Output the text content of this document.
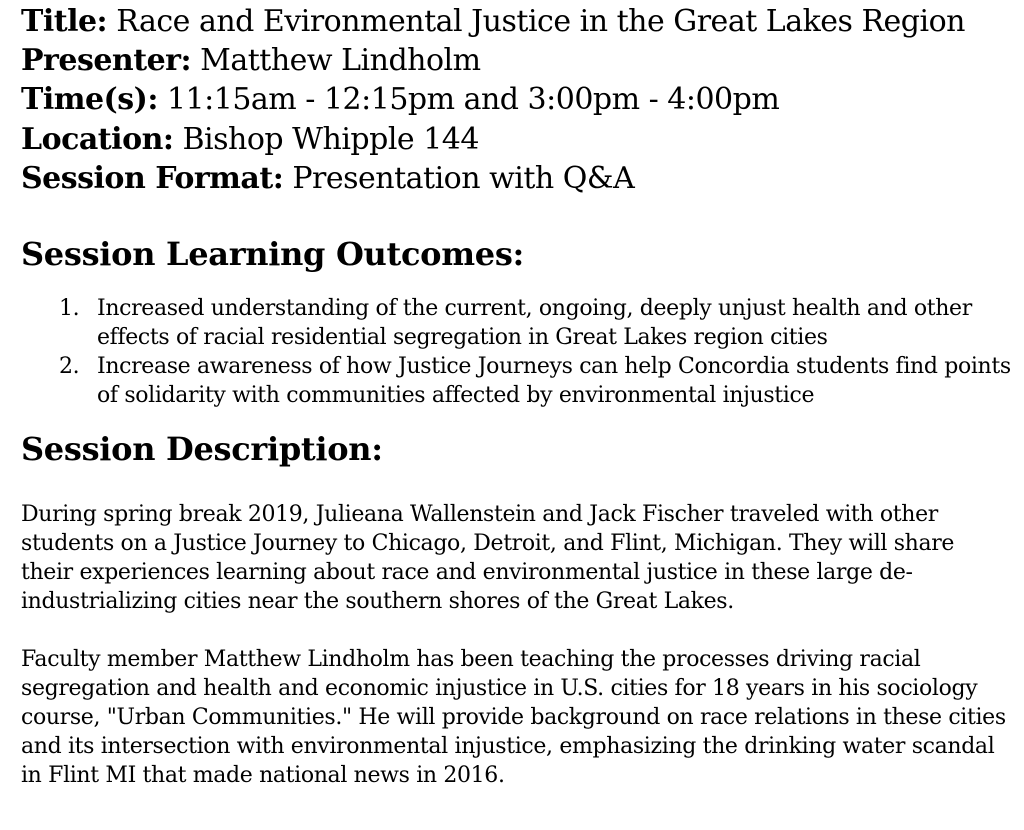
Title: Race and Evironmental Justice in the Great Lakes Region
Presenter: Matthew Lindholm
Time(s): 11:15am - 12:15pm and 3:00pm - 4:00pm
Location: Bishop Whipple 144
Session Format: Presentation with Q&A
Session Learning Outcomes:
1. Increased understanding of the current, ongoing, deeply unjust health and other effects of racial residential segregation in Great Lakes region cities
2. Increase awareness of how Justice Journeys can help Concordia students find points of solidarity with communities affected by environmental injustice
Session Description:

During spring break 2019, Julieana Wallenstein and Jack Fischer traveled with other students on a Justice Journey to Chicago, Detroit, and Flint, Michigan. They will share their experiences learning about race and environmental justice in these large de-industrializing cities near the southern shores of the Great Lakes.

Faculty member Matthew Lindholm has been teaching the processes driving racial segregation and health and economic injustice in U.S. cities for 18 years in his sociology course, "Urban Communities." He will provide background on race relations in these cities and its intersection with environmental injustice, emphasizing the drinking water scandal in Flint MI that made national news in 2016.
